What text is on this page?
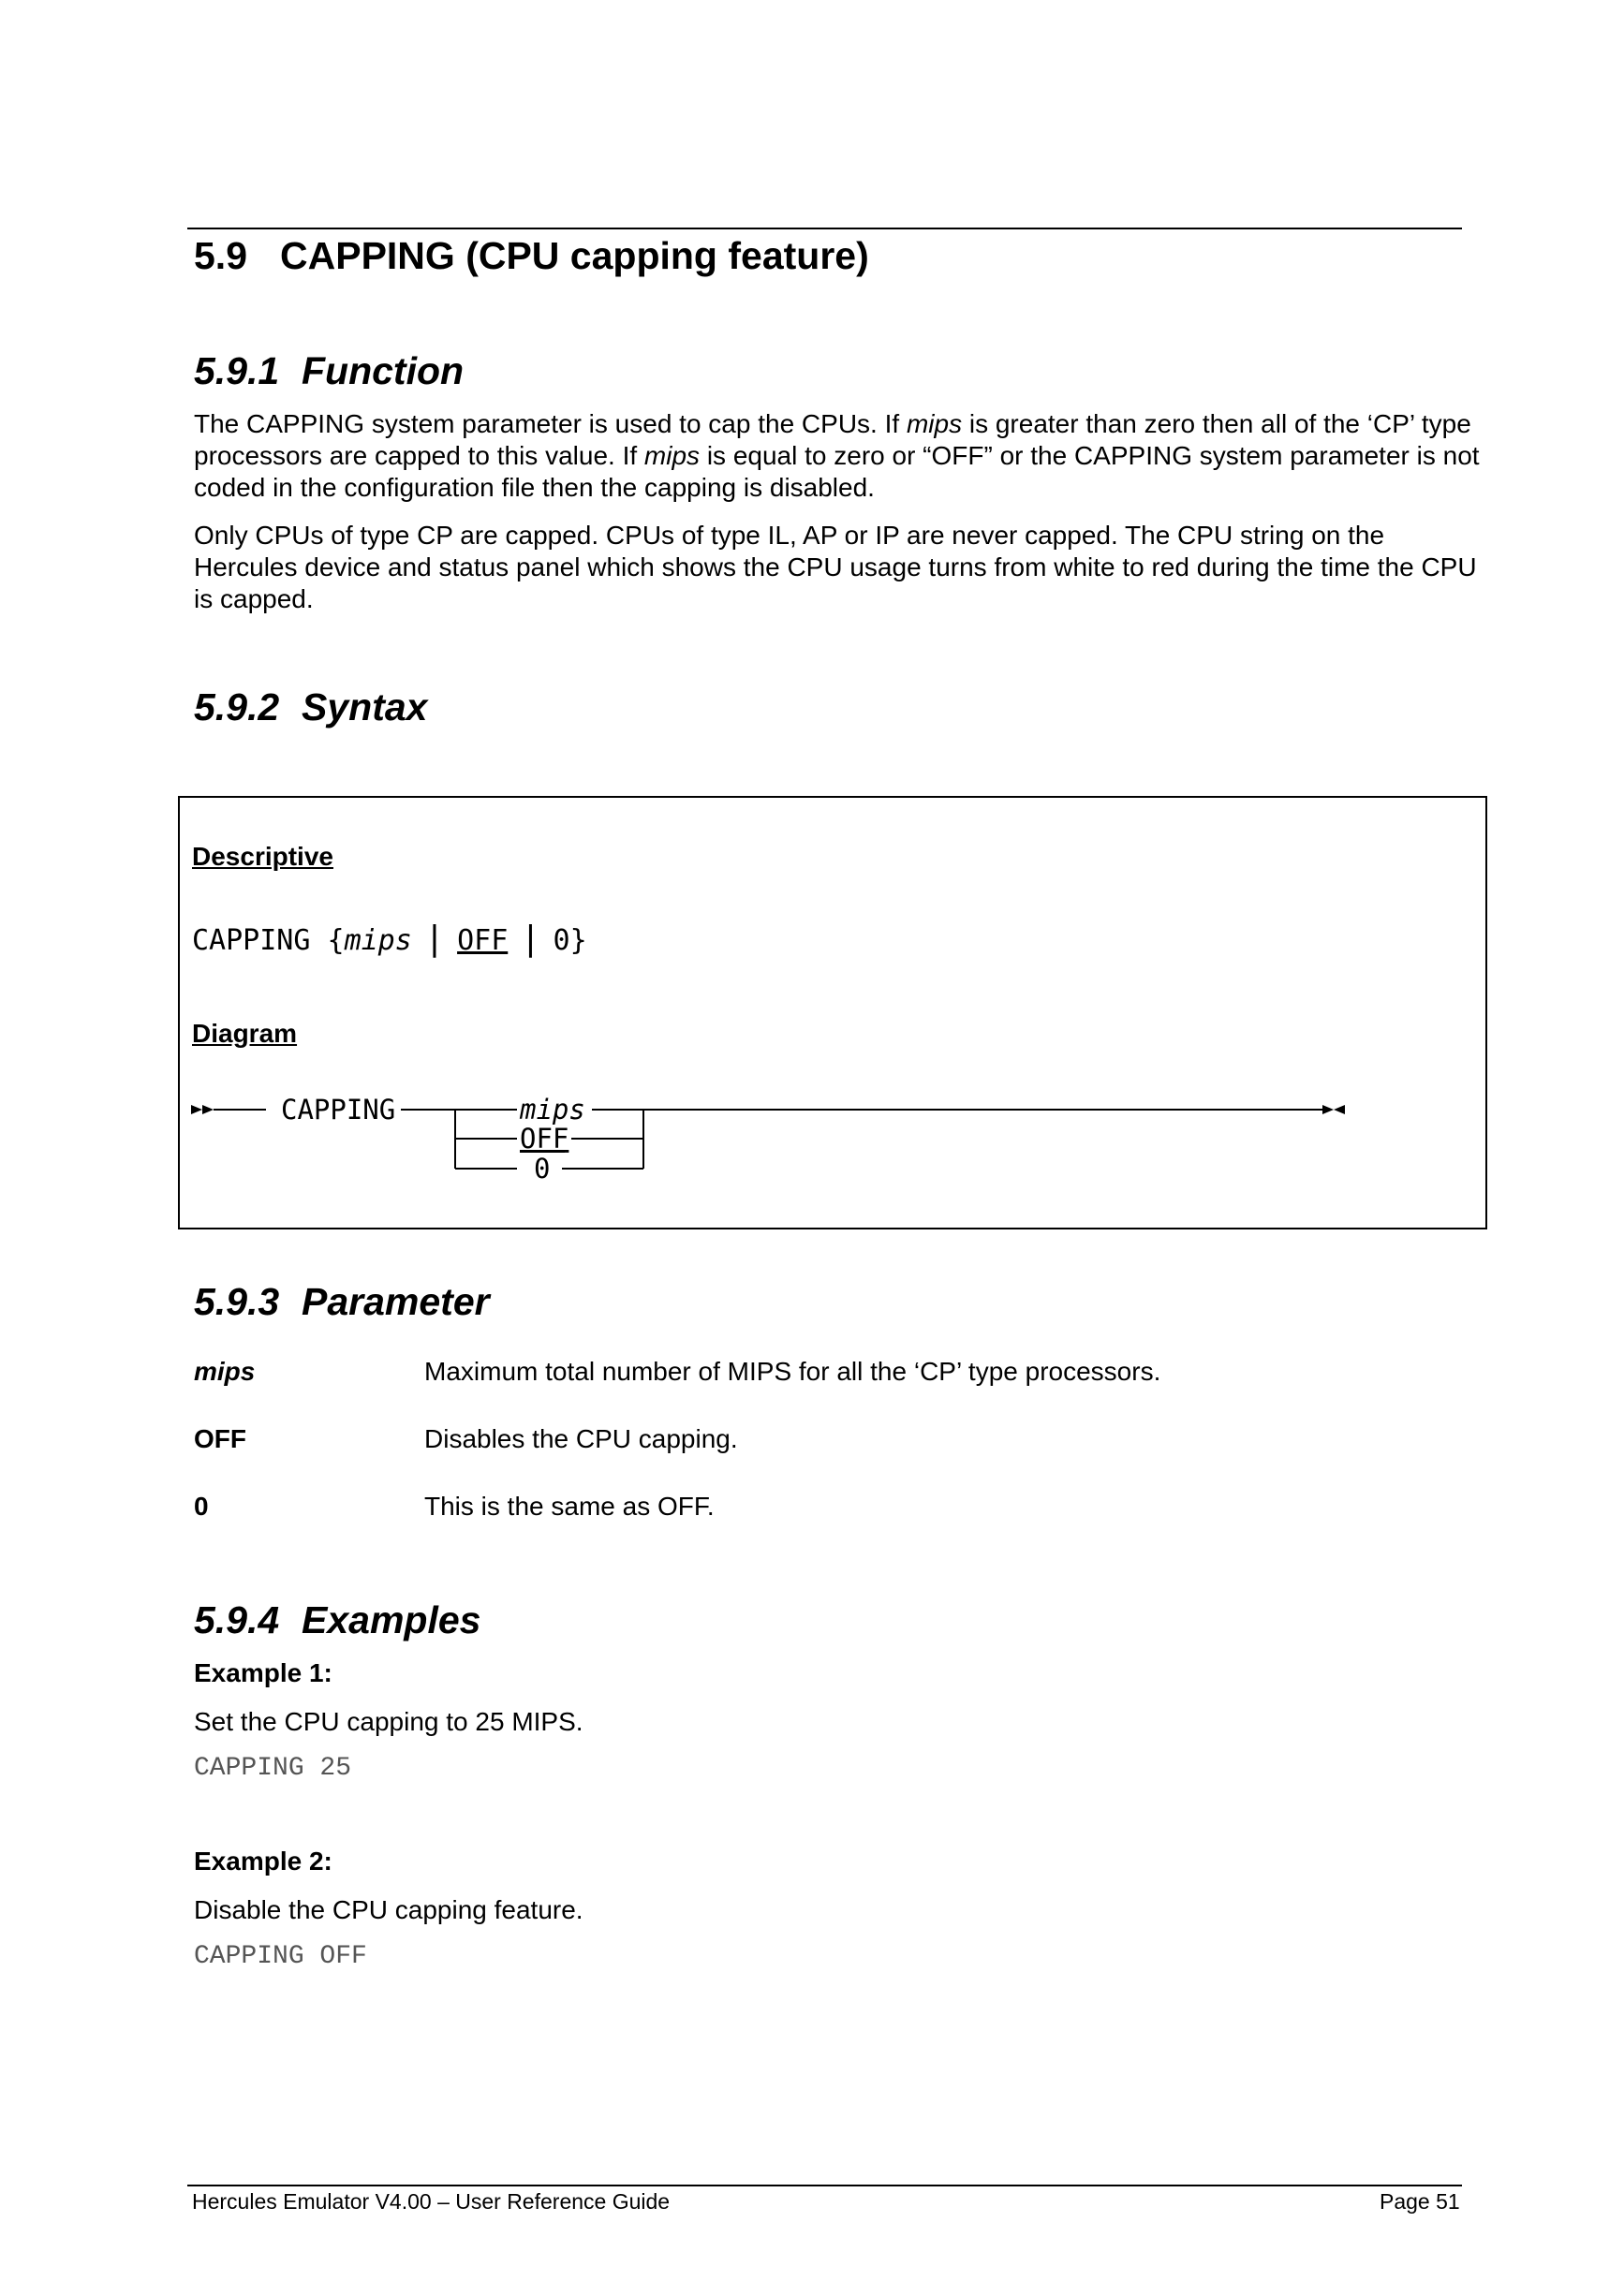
5.9 CAPPING (CPU capping feature)
5.9.1 Function

The CAPPING system parameter is used to cap the CPUs. If mips is greater than zero then all of the ‘CP’ type processors are capped to this value. If mips is equal to zero or “OFF” or the CAPPING system parameter is not coded in the configuration file then the capping is disabled.

Only CPUs of type CP are capped. CPUs of type IL, AP or IP are never capped. The CPU string on the Hercules device and status panel which shows the CPU usage turns from white to red during the time the CPU is capped.

5.9.2 Syntax
Descriptive
CAPPING {mips | OFF | 0}
Diagram
CAPPING	mips
OFF
0
5.9.3 Parameter
mips	Maximum total number of MIPS for all the ‘CP’ type processors.
OFF	Disables the CPU capping.
0	This is the same as OFF.
5.9.4 Examples
Example 1:
Set the CPU capping to 25 MIPS.
CAPPING 25
Example 2:
Disable the CPU capping feature.
CAPPING OFF
Hercules Emulator V4.00 – User Reference Guide	Page 51
